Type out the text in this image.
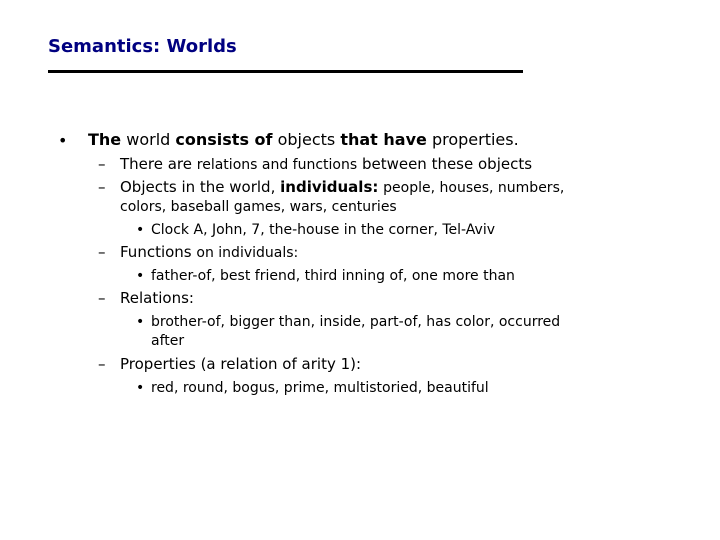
Semantics: Worlds
• The world consists of objects that have properties.
– There are relations and functions between these objects
– Objects in the world, individuals: people, houses, numbers,
colors, baseball games, wars, centuries
• Clock A, John, 7, the-house in the corner, Tel-Aviv
– Functions on individuals:
• father-of, best friend, third inning of, one more than
– Relations:
• brother-of, bigger than, inside, part-of, has color, occurred
after
– Properties (a relation of arity 1):
• red, round, bogus, prime, multistoried, beautiful
